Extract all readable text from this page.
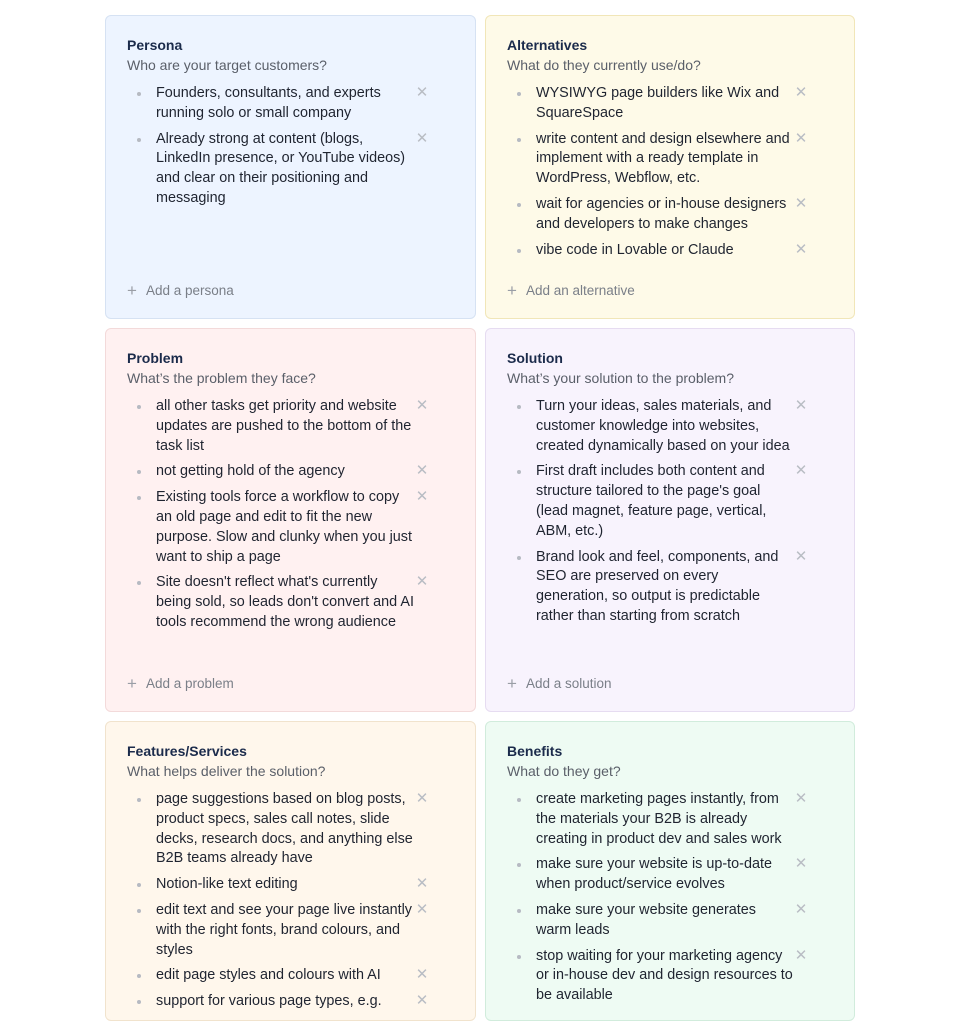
Persona

Who are your target customers?

Founders, consultants, and experts running solo or small company
✕
Already strong at content (blogs, LinkedIn presence, or YouTube videos) and clear on their positioning and messaging
✕
+ Add a persona
Alternatives

What do they currently use/do?

WYSIWYG page builders like Wix and SquareSpace
✕
write content and design elsewhere and implement with a ready template in WordPress, Webflow, etc.
✕
wait for agencies or in-house designers and developers to make changes
✕
vibe code in Lovable or Claude	✕
+ Add an alternative
Problem

What’s the problem they face?

all other tasks get priority and website updates are pushed to the bottom of the task list
✕
not getting hold of the agency	✕
Existing tools force a workflow to copy an old page and edit to fit the new purpose. Slow and clunky when you just want to ship a page
✕
Site doesn't reflect what's currently being sold, so leads don't convert and AI tools recommend the wrong audience
✕
+ Add a problem
Solution

What’s your solution to the problem?

Turn your ideas, sales materials, and customer knowledge into websites, created dynamically based on your idea
✕
First draft includes both content and structure tailored to the page's goal (lead magnet, feature page, vertical, ABM, etc.)
✕
Brand look and feel, components, and SEO are preserved on every generation, so output is predictable rather than starting from scratch
✕
+ Add a solution
Features/Services

What helps deliver the solution?

page suggestions based on blog posts, product specs, sales call notes, slide decks, research docs, and anything else B2B teams already have
✕
Notion-like text editing	✕
edit text and see your page live instantly with the right fonts, brand colours, and styles
✕
edit page styles and colours with AI	✕
support for various page types, e.g.	✕
Benefits

What do they get?

create marketing pages instantly, from the materials your B2B is already creating in product dev and sales work
✕
make sure your website is up-to-date when product/service evolves
✕
make sure your website generates warm leads
✕
stop waiting for your marketing agency or in-house dev and design resources to be available
✕
